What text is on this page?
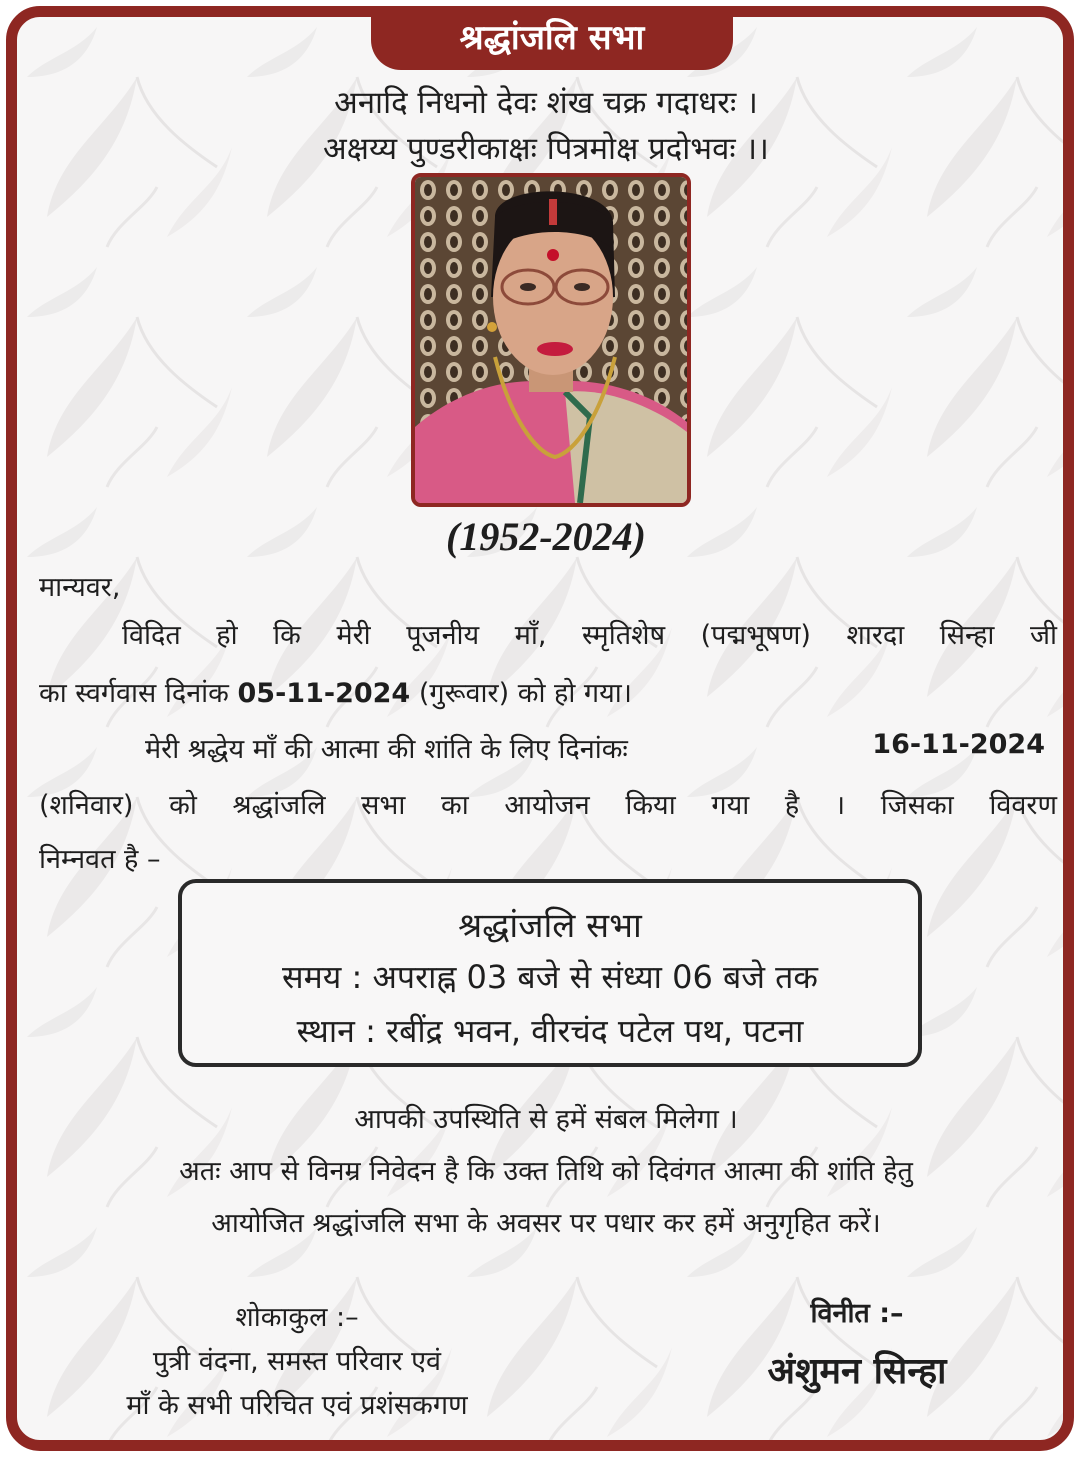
श्रद्धांजलि सभा
अनादि निधनो देवः शंख चक्र गदाधरः ।
अक्षय्य पुण्डरीकाक्षः पित्रमोक्ष प्रदोभवः ।।
(1952-2024)
मान्यवर,
विदित हो कि मेरी पूजनीय माँ, स्मृतिशेष (पद्मभूषण) शारदा सिन्हा जी
का स्वर्गवास दिनांक 05-11-2024 (गुरूवार) को हो गया।
मेरी श्रद्धेय माँ की आत्मा की शांति के लिए दिनांकः	16-11-2024
(शनिवार) को श्रद्धांजलि सभा का आयोजन किया गया है । जिसका विवरण
निम्नवत है –
श्रद्धांजलि सभा
समय : अपराह्न 03 बजे से संध्या 06 बजे तक
स्थान : रबींद्र भवन, वीरचंद पटेल पथ, पटना
आपकी उपस्थिति से हमें संबल मिलेगा ।
अतः आप से विनम्र निवेदन है कि उक्त तिथि को दिवंगत आत्मा की शांति हेतु
आयोजित श्रद्धांजलि सभा के अवसर पर पधार कर हमें अनुगृहित करें।
शोकाकुल :–
पुत्री वंदना, समस्त परिवार एवं
माँ के सभी परिचित एवं प्रशंसकगण
विनीत :–
अंशुमन सिन्हा
